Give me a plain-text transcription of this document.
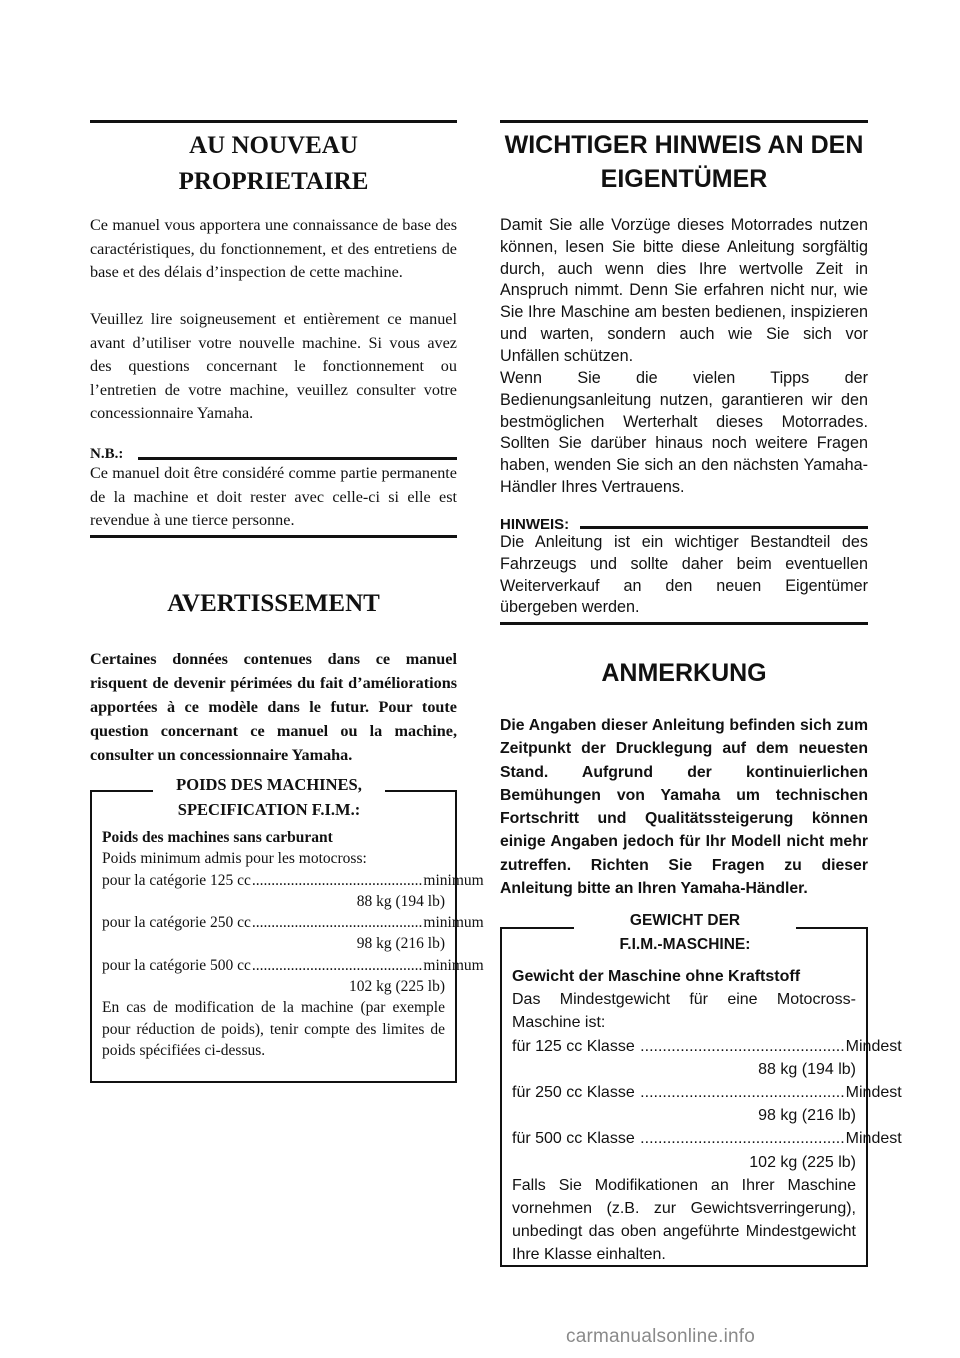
AU NOUVEAU
PROPRIETAIRE

Ce manuel vous apportera une connaissance de base des caractéristiques, du fonctionnement, et des entretiens de base et des délais d’inspection de cette machine.

Veuillez lire soigneusement et entièrement ce manuel avant d’utiliser votre nouvelle machine. Si vous avez des questions concernant le fonctionnement ou l’entretien de votre machine, veuillez consulter votre concessionnaire Yamaha.

N.B.:

Ce manuel doit être considéré comme partie permanente de la machine et doit rester avec celle-ci si elle est revendue à une tierce personne.

AVERTISSEMENT

Certaines données contenues dans ce manuel risquent de devenir périmées du fait d’améliorations apportées à ce modèle dans le futur. Pour toute question concernant ce manuel ou la machine, consulter un concessionnaire Yamaha.

POIDS DES MACHINES,
SPECIFICATION F.I.M.:
Poids des machines sans carburant
Poids minimum admis pour les motocross:
pour la catégorie 125 cc ............................................ minimum
88 kg (194 lb)
pour la catégorie 250 cc ............................................ minimum
98 kg (216 lb)
pour la catégorie 500 cc ............................................ minimum
102 kg (225 lb)
En cas de modification de la machine (par exemple pour réduction de poids), tenir compte des limites de poids spécifiées ci-dessus.
WICHTIGER HINWEIS AN DEN
EIGENTÜMER

Damit Sie alle Vorzüge dieses Motorrades nutzen können, lesen Sie bitte diese Anleitung sorgfältig durch, auch wenn dies Ihre wertvolle Zeit in Anspruch nimmt. Denn Sie erfahren nicht nur, wie Sie Ihre Maschine am besten bedienen, inspizieren und warten, sondern auch wie Sie sich vor Unfällen schützen.

Wenn Sie die vielen Tipps der Bedienungsanleitung nutzen, garantieren wir den bestmöglichen Werterhalt dieses Motorrades. Sollten Sie darüber hinaus noch weitere Fragen haben, wenden Sie sich an den nächsten Yamaha-Händler Ihres Vertrauens.

HINWEIS:

Die Anleitung ist ein wichtiger Bestandteil des Fahrzeugs und sollte daher beim eventuellen Weiterverkauf an den neuen Eigentümer übergeben werden.

ANMERKUNG

Die Angaben dieser Anleitung befinden sich zum Zeitpunkt der Drucklegung auf dem neuesten Stand. Aufgrund der kontinuierlichen Bemühungen von Yamaha um technischen Fortschritt und Qualitätssteigerung können einige Angaben jedoch für Ihr Modell nicht mehr zutreffen. Richten Sie Fragen zu dieser Anleitung bitte an Ihren Yamaha-Händler.

GEWICHT DER
F.I.M.-MASCHINE:
Gewicht der Maschine ohne Kraftstoff
Das Mindestgewicht für eine Motocross-Maschine ist:
für 125 cc Klasse .............................................. Mindest
88 kg (194 lb)
für 250 cc Klasse .............................................. Mindest
98 kg (216 lb)
für 500 cc Klasse .............................................. Mindest
102 kg (225 lb)
Falls Sie Modifikationen an Ihrer Maschine vornehmen (z.B. zur Gewichtsverringerung), unbedingt das oben angeführte Mindestgewicht Ihre Klasse einhalten.
carmanualsonline.info
